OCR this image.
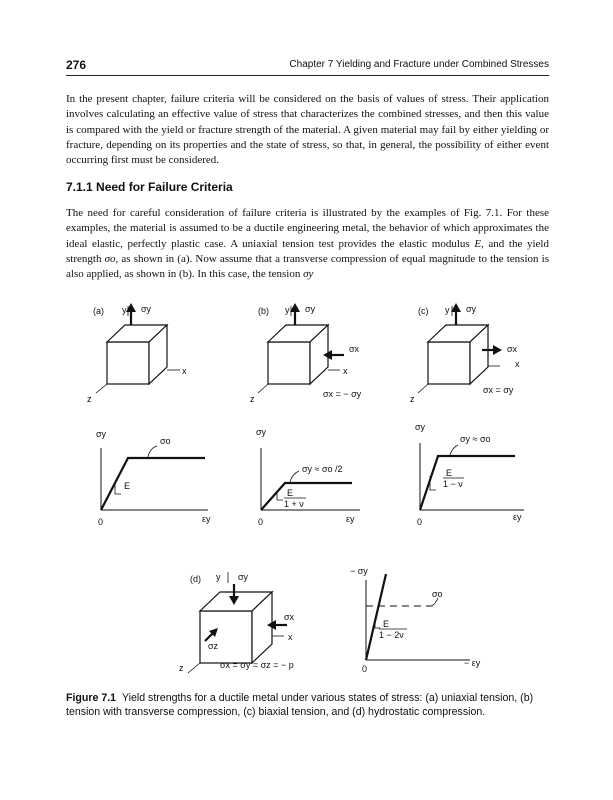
276	Chapter 7 Yielding and Fracture under Combined Stresses

In the present chapter, failure criteria will be considered on the basis of values of stress. Their application involves calculating an effective value of stress that characterizes the combined stresses, and then this value is compared with the yield or fracture strength of the material. A given material may fail by either yielding or fracture, depending on its properties and the state of stress, so that, in general, the possibility of either event occurring first must be considered.

7.1.1 Need for Failure Criteria

The need for careful consideration of failure criteria is illustrated by the examples of Fig. 7.1. For these examples, the material is assumed to be a ductile engineering metal, the behavior of which approximates the ideal elastic, perfectly plastic case. A uniaxial tension test provides the elastic modulus E, and the yield strength σo, as shown in (a). Now assume that a transverse compression of equal magnitude to the tension is also applied, as shown in (b). In this case, the tension σy

(a) y σy
x
z
(b) y σy
σx
x
z	σx = − σy
(c) y σy
σx
x
z
σx = σy
σy
σo
E
0	εy
σy
σy ≈ σo /2
E
1 + ν
0	εy
σy
σy ≈ σo
E
1 − ν
0	εy
(d) y σy
σx
x
σz
z	σx = σy = σz = − p
− σy
σo
E
1 − 2ν
0
− εy

Figure 7.1 Yield strengths for a ductile metal under various states of stress: (a) uniaxial tension, (b) tension with transverse compression, (c) biaxial tension, and (d) hydrostatic compression.
